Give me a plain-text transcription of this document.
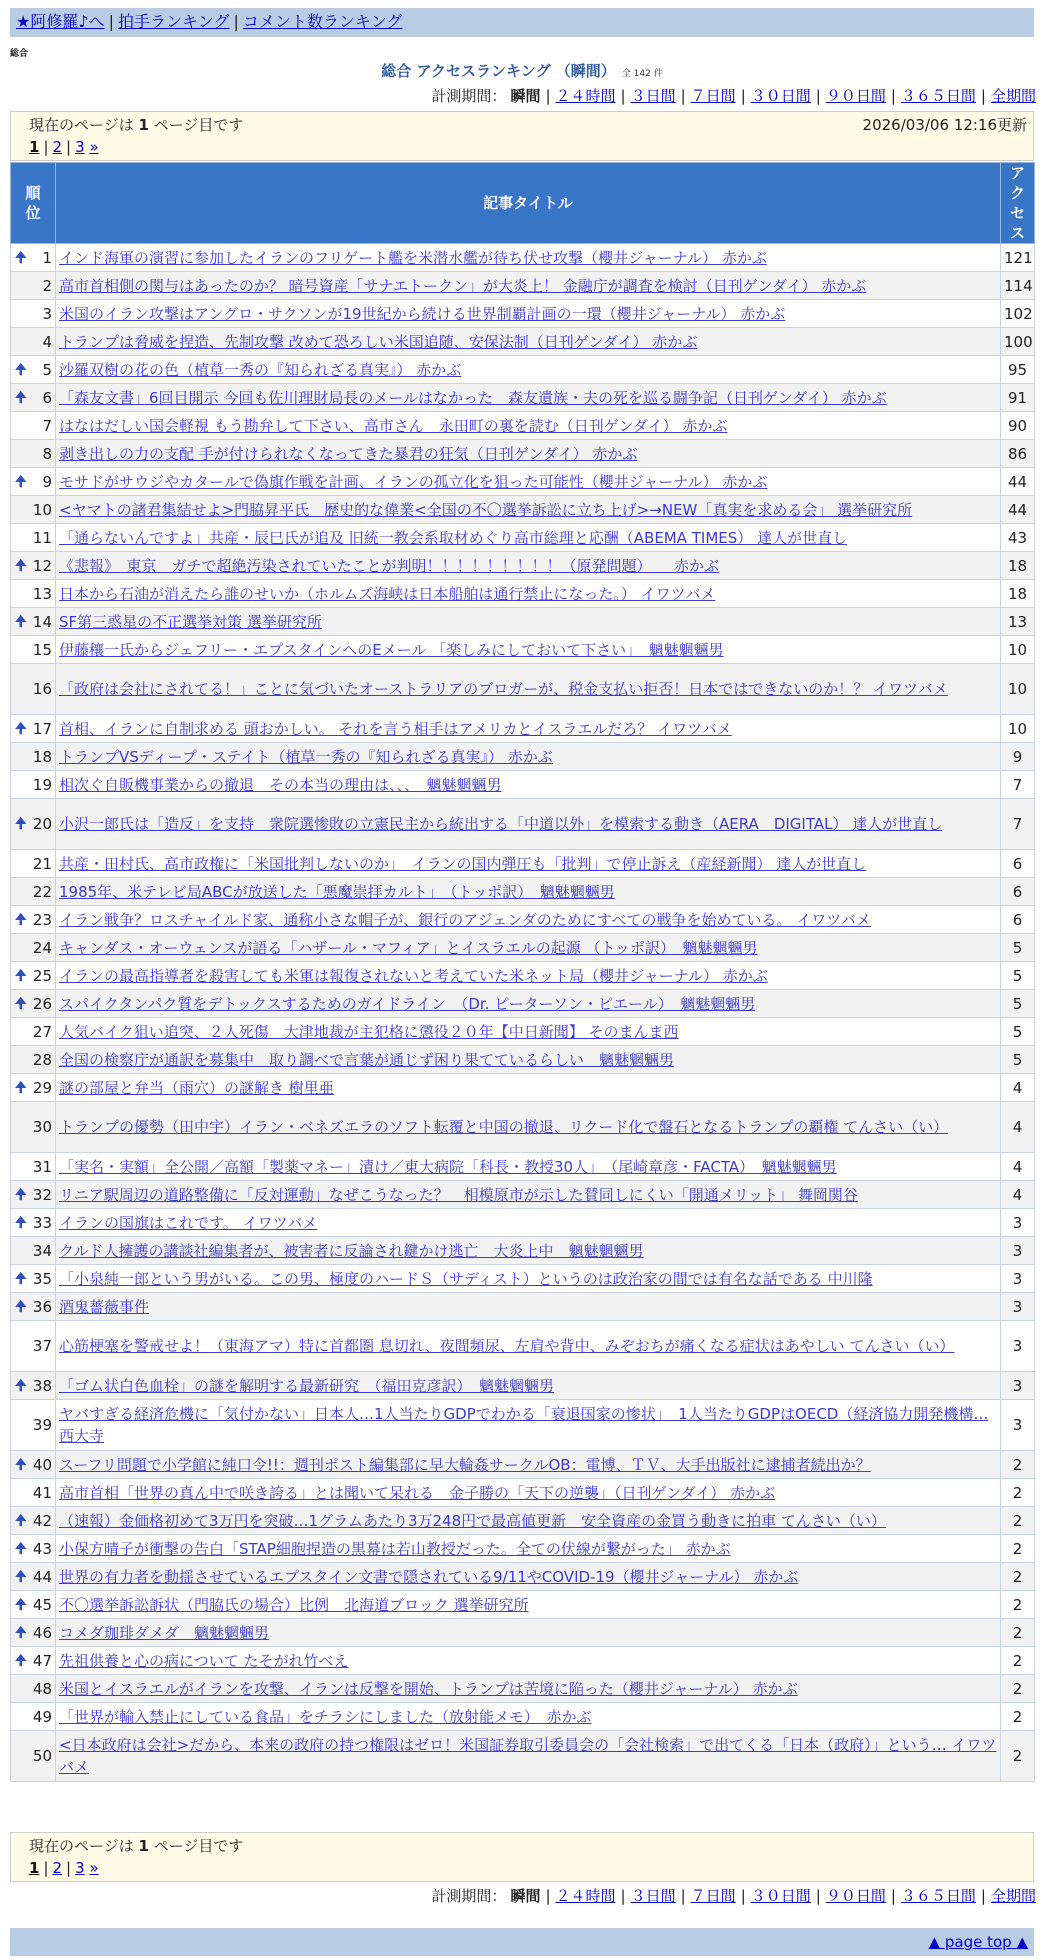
★阿修羅♪へ | 拍手ランキング | コメント数ランキング
総合
総合 アクセスランキング （瞬間） 全 142 件
計測期間： 瞬間 | ２４時間 | ３日間 | ７日間 | ３０日間 | ９０日間 | ３６５日間 | 全期間
現在のページは 1 ページ目です
1 | 2 | 3 »
2026/03/06 12:16更新
順位	記事タイトル	アクセス

🠉 1	インド海軍の演習に参加したイランのフリゲート艦を米潜水艦が待ち伏せ攻撃（櫻井ジャーナル） 赤かぶ	121
2	高市首相側の関与はあったのか？ 暗号資産「サナエトークン」が大炎上！ 金融庁が調査を検討（日刊ゲンダイ） 赤かぶ	114
3	米国のイラン攻撃はアングロ・サクソンが19世紀から続ける世界制覇計画の一環（櫻井ジャーナル） 赤かぶ	102
4	トランプは脅威を捏造、先制攻撃 改めて恐ろしい米国追随、安保法制（日刊ゲンダイ） 赤かぶ	100

🠉 5	沙羅双樹の花の色（植草一秀の『知られざる真実』） 赤かぶ	95

🠉 6	「森友文書」6回目開示 今回も佐川理財局長のメールはなかった　森友遺族・夫の死を巡る闘争記（日刊ゲンダイ） 赤かぶ	91
7	はなはだしい国会軽視 もう勘弁して下さい、高市さん　永田町の裏を読む（日刊ゲンダイ） 赤かぶ	90
8	剥き出しの力の支配 手が付けられなくなってきた暴君の狂気（日刊ゲンダイ） 赤かぶ	86

🠉 9	モサドがサウジやカタールで偽旗作戦を計画、イランの孤立化を狙った可能性（櫻井ジャーナル） 赤かぶ	44
10	<ヤマトの諸君集結せよ>門脇昇平氏　歴史的な偉業<全国の不〇選挙訴訟に立ち上げ>→NEW「真実を求める会」 選挙研究所	44
11	「通らないんですよ」共産・辰巳氏が追及 旧統一教会系取材めぐり高市総理と応酬（ABEMA TIMES） 達人が世直し	43

🠉 12	《悲報》　東京　ガチで超絶汚染されていたことが判明！！！！！！！！！（原発問題）　　赤かぶ	18
13	日本から石油が消えたら誰のせいか（ホルムズ海峡は日本船舶は通行禁止になった。） イワツバメ	18

🠉 14	SF第三惑星の不正選挙対策 選挙研究所	13
15	伊藤穰一氏からジェフリー・エプスタインへのEメール 「楽しみにしておいて下さい」　魑魅魍魎男	10
16	「政府は会社にされてる！」ことに気づいたオーストラリアのブロガーが、税金支払い拒否！日本ではできないのか！？ イワツバメ	10

🠉 17	首相、イランに自制求める 頭おかしい。 それを言う相手はアメリカとイスラエルだろ？ イワツバメ	10
18	トランプVSディープ・ステイト（植草一秀の『知られざる真実』） 赤かぶ	9
19	相次ぐ自販機事業からの撤退　その本当の理由は、、、　魑魅魍魎男	7

🠉 20	小沢一郎氏は「造反」を支持　衆院選惨敗の立憲民主から統出する「中道以外」を模索する動き（AERA　DIGITAL） 達人が世直し	7
21	共産・田村氏、高市政権に「米国批判しないのか」　イランの国内弾圧も「批判」で停止訴え（産経新聞） 達人が世直し	6
22	1985年、米テレビ局ABCが放送した「悪魔崇拝カルト」　（トッポ訳）　魑魅魍魎男	6

🠉 23	イラン戦争？ロスチャイルド家、通称小さな帽子が、銀行のアジェンダのためにすべての戦争を始めている。 イワツバメ	6
24	キャンダス・オーウェンスが語る「ハザール・マフィア」とイスラエルの起源 （トッポ訳）　魑魅魍魎男	5

🠉 25	イランの最高指導者を殺害しても米軍は報復されないと考えていた米ネット局（櫻井ジャーナル） 赤かぶ	5

🠉 26	スパイクタンパク質をデトックスするためのガイドライン　（Dr. ピーターソン・ピエール）　魑魅魍魎男	5
27	人気バイク狙い追突、２人死傷　大津地裁が主犯格に懲役２０年【中日新聞】 そのまんま西	5
28	全国の検察庁が通訳を募集中　取り調べで言葉が通じず困り果てているらしい　魑魅魍魎男	5

🠉 29	謎の部屋と弁当（雨穴）の謎解き 樹里亜	4
30	トランプの優勢（田中宇）イラン・ベネズエラのソフト転覆と中国の撤退、リクード化で盤石となるトランプの覇権 てんさい（い）	4
31	「実名・実額」全公開／高額「製薬マネー」漬け／東大病院「科長・教授30人」　（尾崎章彦・FACTA）　魑魅魍魎男	4

🠉 32	リニア駅周辺の道路整備に「反対運動」なぜこうなった？　相模原市が示した賛同しにくい「開通メリット」 舞岡関谷	4

🠉 33	イランの国旗はこれです。 イワツバメ	3
34	クルド人擁護の講談社編集者が、被害者に反論され鍵かけ逃亡　大炎上中　魑魅魍魎男	3

🠉 35	「小泉純一郎という男がいる。この男、極度のハードＳ（サディスト）というのは政治家の間では有名な話である 中川隆	3

🠉 36	酒鬼薔薇事件	3
37	心筋梗塞を警戒せよ！（東海アマ）特に首都圏 息切れ、夜間頻尿、左肩や背中、みぞおちが痛くなる症状はあやしい てんさい（い）	3

🠉 38	「ゴム状白色血栓」の謎を解明する最新研究　（福田克彦訳）　魑魅魍魎男	3
39	ヤバすぎる経済危機に「気付かない」日本人…1人当たりGDPでわかる「衰退国家の惨状」　1人当たりGDPはOECD（経済協力開発機構… 西大寺	3

🠉 40	スーフリ問題で小学館に純口令!!：週刊ポスト編集部に早大輪姦サークルOB：電博、ＴＶ、大手出版社に逮捕者続出か？	2
41	高市首相「世界の真ん中で咲き誇る」とは聞いて呆れる　金子勝の「天下の逆襲」（日刊ゲンダイ） 赤かぶ	2

🠉 42	（速報）金価格初めて3万円を突破…1グラムあたり3万248円で最高値更新　安全資産の金買う動きに拍車 てんさい（い）	2

🠉 43	小保方晴子が衝撃の告白「STAP細胞捏造の黒幕は若山教授だった。全ての伏線が繋がった」 赤かぶ	2

🠉 44	世界の有力者を動揺させているエプスタイン文書で隠されている9/11やCOVID-19（櫻井ジャーナル） 赤かぶ	2

🠉 45	不〇選挙訴訟訴状（門脇氏の場合）比例　北海道ブロック 選挙研究所	2

🠉 46	コメダ珈琲ダメダ　魑魅魍魎男	2

🠉 47	先祖供養と心の病について たそがれ竹べえ	2
48	米国とイスラエルがイランを攻撃、イランは反撃を開始、トランプは苦境に陥った（櫻井ジャーナル） 赤かぶ	2
49	「世界が輸入禁止にしている食品」をチラシにしました（放射能メモ）　赤かぶ	2
50	<日本政府は会社>だから、本来の政府の持つ権限はゼロ！米国証券取引委員会の「会社検索」で出てくる「日本（政府）」という… イワツバメ	2
現在のページは 1 ページ目です
1 | 2 | 3 »
計測期間： 瞬間 | ２４時間 | ３日間 | ７日間 | ３０日間 | ９０日間 | ３６５日間 | 全期間
▲ page top ▲
